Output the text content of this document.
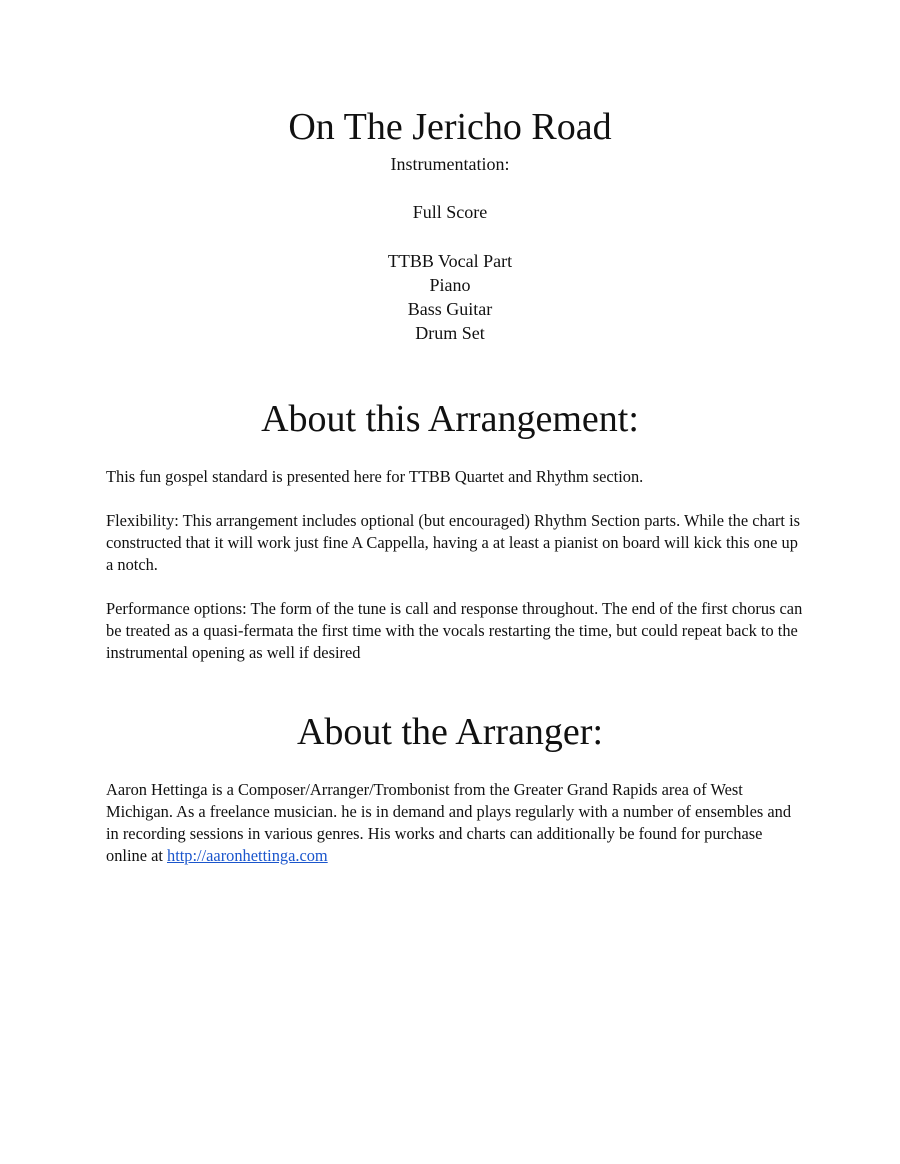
On The Jericho Road
Instrumentation:
Full Score
TTBB Vocal Part
Piano
Bass Guitar
Drum Set
About this Arrangement:

This fun gospel standard is presented here for TTBB Quartet and Rhythm section.

Flexibility: This arrangement includes optional (but encouraged) Rhythm Section parts. While the chart is constructed that it will work just fine A Cappella, having a at least a pianist on board will kick this one up a notch.

Performance options: The form of the tune is call and response throughout. The end of the first chorus can be treated as a quasi-fermata the first time with the vocals restarting the time, but could repeat back to the instrumental opening as well if desired

About the Arranger:

Aaron Hettinga is a Composer/Arranger/Trombonist from the Greater Grand Rapids area of West Michigan. As a freelance musician. he is in demand and plays regularly with a number of ensembles and in recording sessions in various genres. His works and charts can additionally be found for purchase online at http://aaronhettinga.com
